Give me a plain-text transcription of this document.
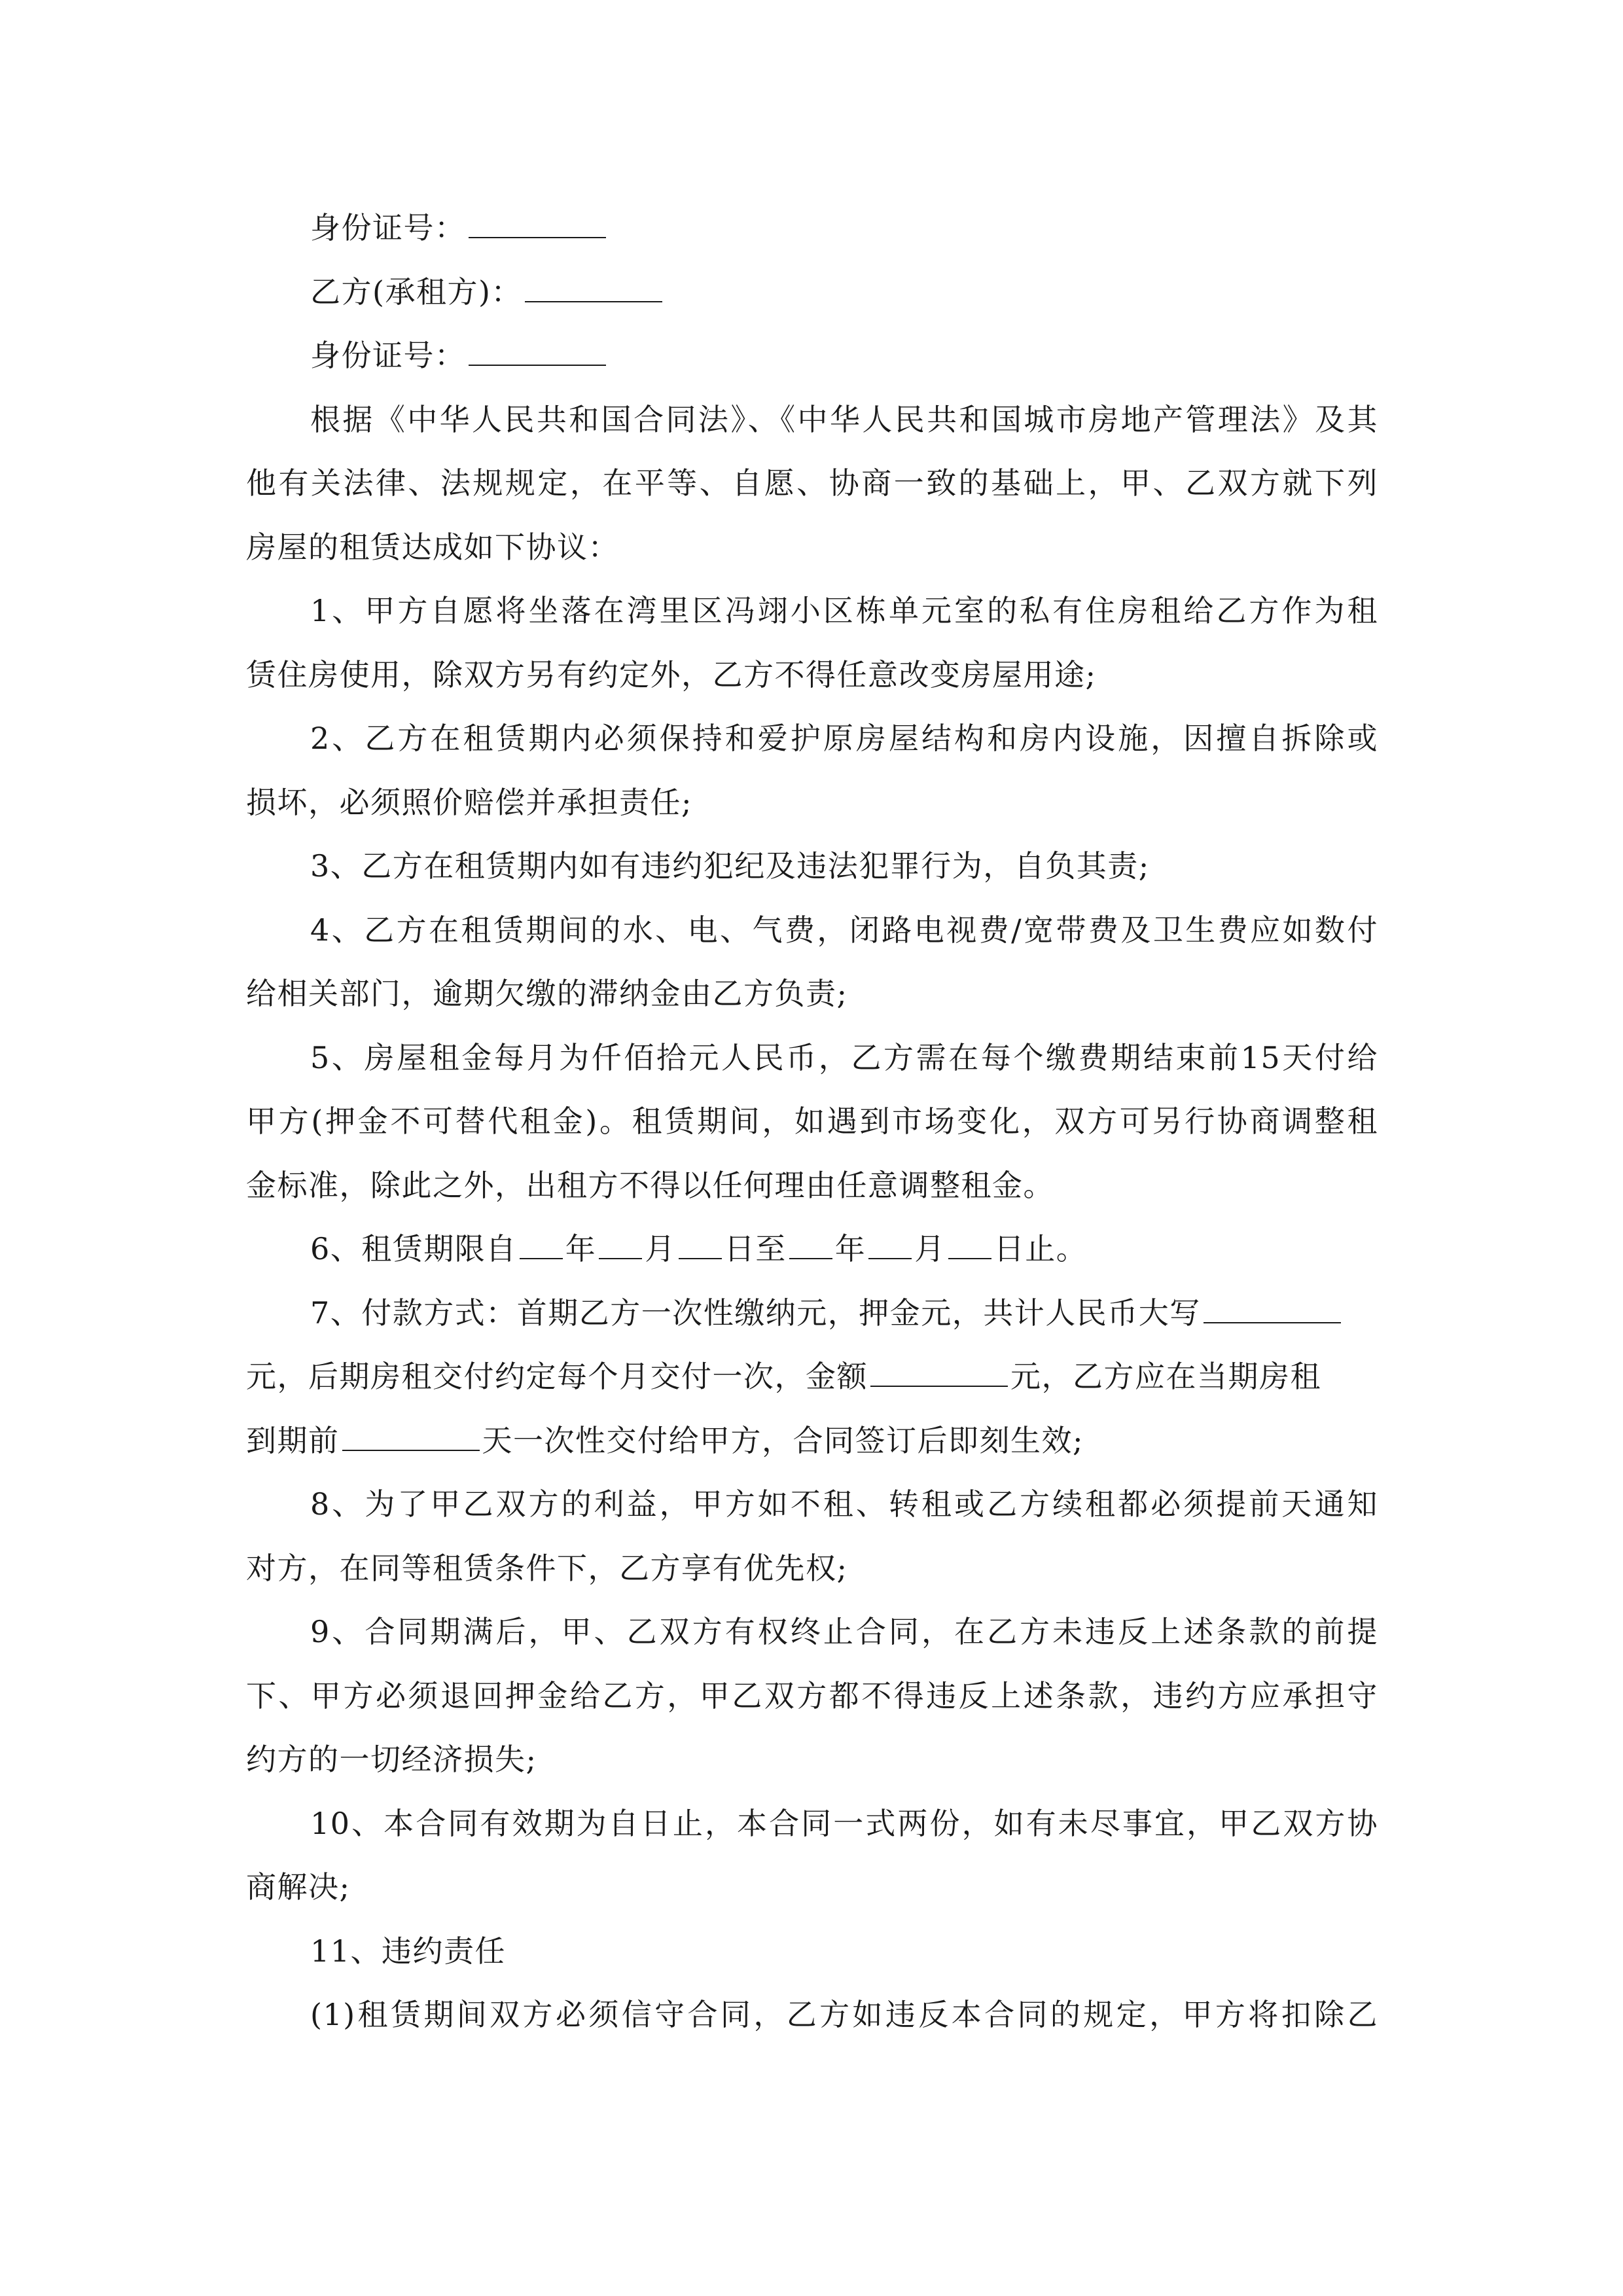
身份证号：
乙方(承租方)：
身份证号：
根据《中华人民共和国合同法》、《中华人民共和国城市房地产管理法》及其
他有关法律、法规规定，在平等、自愿、协商一致的基础上，甲、乙双方就下列
房屋的租赁达成如下协议：
1、甲方自愿将坐落在湾里区冯翊小区栋单元室的私有住房租给乙方作为租
赁住房使用，除双方另有约定外，乙方不得任意改变房屋用途;
2、乙方在租赁期内必须保持和爱护原房屋结构和房内设施，因擅自拆除或
损坏，必须照价赔偿并承担责任;
3、乙方在租赁期内如有违约犯纪及违法犯罪行为，自负其责;
4、乙方在租赁期间的水、电、气费，闭路电视费/宽带费及卫生费应如数付
给相关部门，逾期欠缴的滞纳金由乙方负责;
5、房屋租金每月为仟佰拾元人民币，乙方需在每个缴费期结束前15天付给
甲方(押金不可替代租金)。租赁期间，如遇到市场变化，双方可另行协商调整租
金标准，除此之外，出租方不得以任何理由任意调整租金。
6、租赁期限自 年 月 日至 年 月 日止。
7、付款方式：首期乙方一次性缴纳元，押金元，共计人民币大写
元，后期房租交付约定每个月交付一次，金额	元，乙方应在当期房租
到期前	天一次性交付给甲方，合同签订后即刻生效;
8、为了甲乙双方的利益，甲方如不租、转租或乙方续租都必须提前天通知
对方，在同等租赁条件下，乙方享有优先权;
9、合同期满后，甲、乙双方有权终止合同，在乙方未违反上述条款的前提
下、甲方必须退回押金给乙方，甲乙双方都不得违反上述条款，违约方应承担守
约方的一切经济损失;
10、本合同有效期为自日止，本合同一式两份，如有未尽事宜，甲乙双方协
商解决;
11、违约责任
(1)租赁期间双方必须信守合同，乙方如违反本合同的规定，甲方将扣除乙
